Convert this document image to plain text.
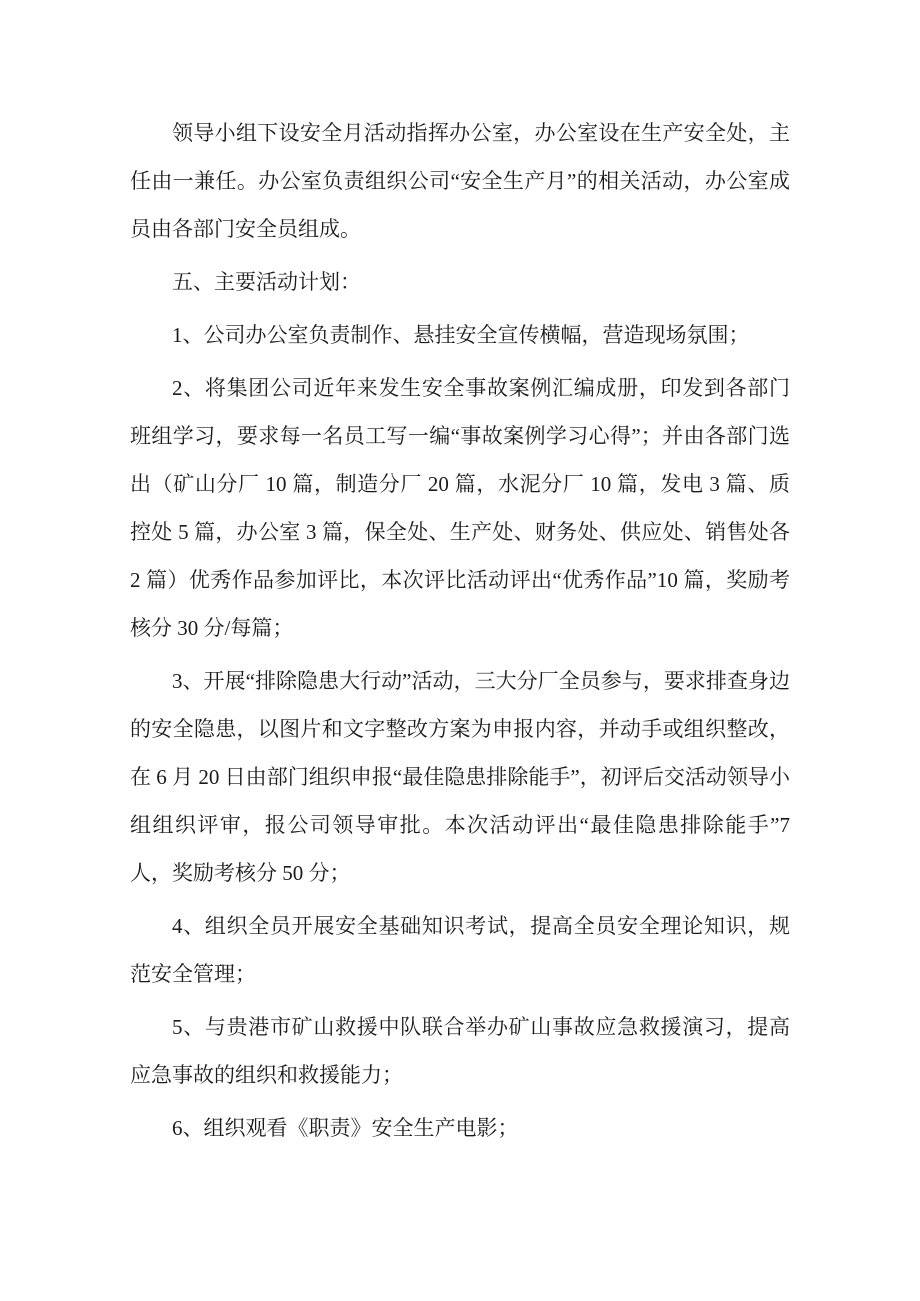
领导小组下设安全月活动指挥办公室，办公室设在生产安全处，主任由一兼任。办公室负责组织公司“安全生产月”的相关活动，办公室成员由各部门安全员组成。

五、主要活动计划：

1、公司办公室负责制作、悬挂安全宣传横幅，营造现场氛围；

2、将集团公司近年来发生安全事故案例汇编成册，印发到各部门班组学习，要求每一名员工写一编“事故案例学习心得”；并由各部门选出（矿山分厂 10 篇，制造分厂 20 篇，水泥分厂 10 篇，发电 3 篇、质控处 5 篇，办公室 3 篇，保全处、生产处、财务处、供应处、销售处各 2 篇）优秀作品参加评比，本次评比活动评出“优秀作品”10 篇，奖励考核分 30 分/每篇；

3、开展“排除隐患大行动”活动，三大分厂全员参与，要求排查身边的安全隐患，以图片和文字整改方案为申报内容，并动手或组织整改，在 6 月 20 日由部门组织申报“最佳隐患排除能手”，初评后交活动领导小组组织评审，报公司领导审批。本次活动评出“最佳隐患排除能手”7 人，奖励考核分 50 分；

4、组织全员开展安全基础知识考试，提高全员安全理论知识，规范安全管理；

5、与贵港市矿山救援中队联合举办矿山事故应急救援演习，提高应急事故的组织和救援能力；

6、组织观看《职责》安全生产电影；
